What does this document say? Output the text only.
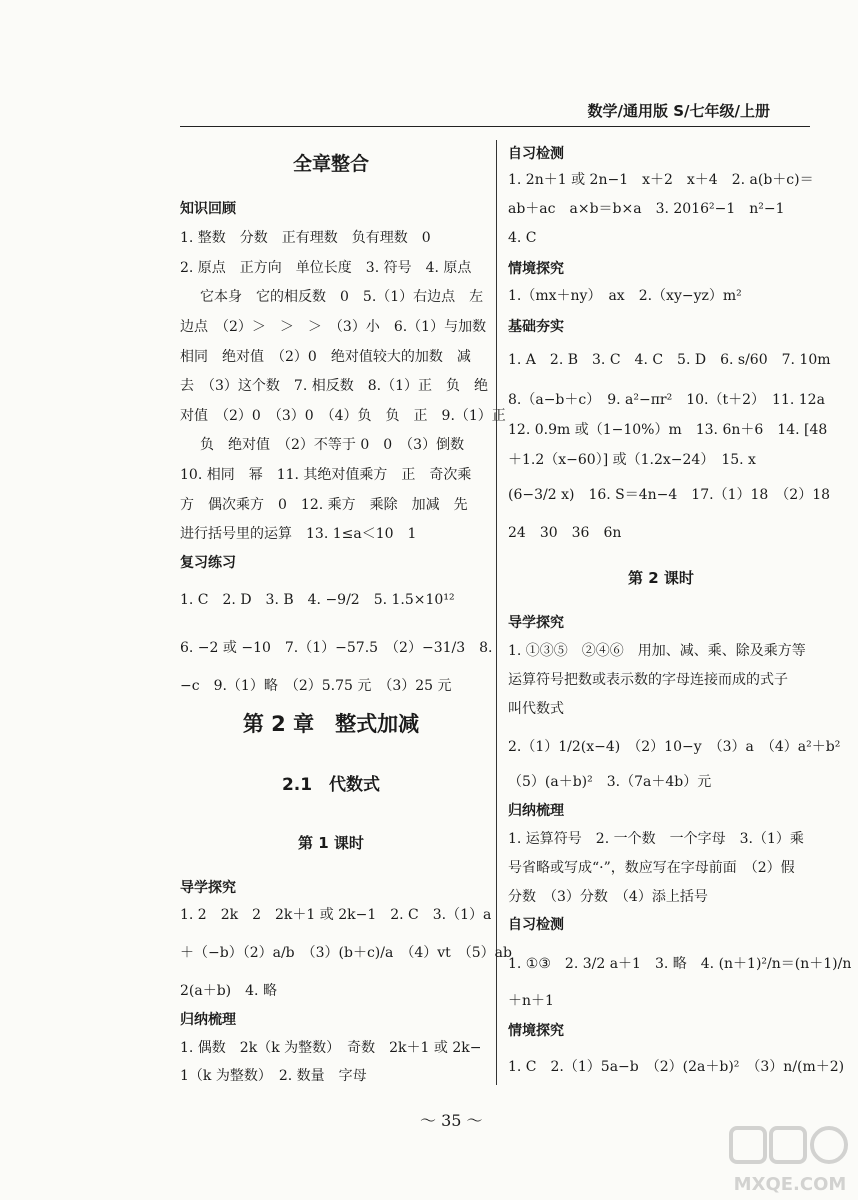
数学/通用版 S/七年级/上册
全章整合
知识回顾
1. 整数　分数　正有理数　负有理数　0
2. 原点　正方向　单位长度　3. 符号　4. 原点
它本身　它的相反数　0　5.（1）右边点　左
边点　（2）＞　＞　＞　（3）小　6.（1）与加数
相同　绝对值　（2）0　绝对值较大的加数　减
去　（3）这个数　7. 相反数　8.（1）正　负　绝
对值　（2）0　（3）0　（4）负　负　正　9.（1）正
负　绝对值　（2）不等于 0　0　（3）倒数
10. 相同　幂　11. 其绝对值乘方　正　奇次乘
方　偶次乘方　0　12. 乘方　乘除　加减　先
进行括号里的运算　13. 1≤a＜10　1
复习练习
1. C　2. D　3. B　4. −9/2　5. 1.5×10¹²
6. −2 或 −10　7.（1）−57.5　（2）−31/3　8.
−c　9.（1）略　（2）5.75 元　（3）25 元
第 2 章　整式加减
2.1　代数式
第 1 课时
导学探究
1. 2　2k　2　2k＋1 或 2k−1　2. C　3.（1）a
＋（−b）（2）a/b　（3）(b＋c)/a　（4）vt　（5）ab
2(a＋b)　4. 略
归纳梳理
1. 偶数　2k（k 为整数）　奇数　2k＋1 或 2k−
1（k 为整数）　2. 数量　字母
自习检测
1. 2n＋1 或 2n−1　x＋2　x＋4　2. a(b＋c)＝
ab＋ac　a×b＝b×a　3. 2016²−1　n²−1
4. C
情境探究
1.（mx＋ny）　ax　2.（xy−yz）m²
基础夯实
1. A　2. B　3. C　4. C　5. D　6. s/60　7. 10m
8.（a−b＋c）　9. a²−πr²　10.（t＋2）　11. 12a
12. 0.9m 或（1−10%）m　13. 6n＋6　14. [48
＋1.2（x−60）] 或（1.2x−24）　15. x
(6−3/2 x)　16. S＝4n−4　17.（1）18　（2）18
24　30　36　6n
第 2 课时
导学探究
1. ①③⑤　②④⑥　用加、减、乘、除及乘方等
运算符号把数或表示数的字母连接而成的式子
叫代数式
2.（1）1/2(x−4)　（2）10−y　（3）a　（4）a²＋b²
（5）(a＋b)²　3.（7a＋4b）元
归纳梳理
1. 运算符号　2. 一个数　一个字母　3.（1）乘
号省略或写成“·”，数应写在字母前面　（2）假
分数　（3）分数　（4）添上括号
自习检测
1. ①③　2. 3/2 a＋1　3. 略　4. (n＋1)²/n＝(n＋1)/n
＋n＋1
情境探究
1. C　2.（1）5a−b　（2）(2a＋b)²　（3）n/(m＋2)
～ 35 ～
MXQE.COM
